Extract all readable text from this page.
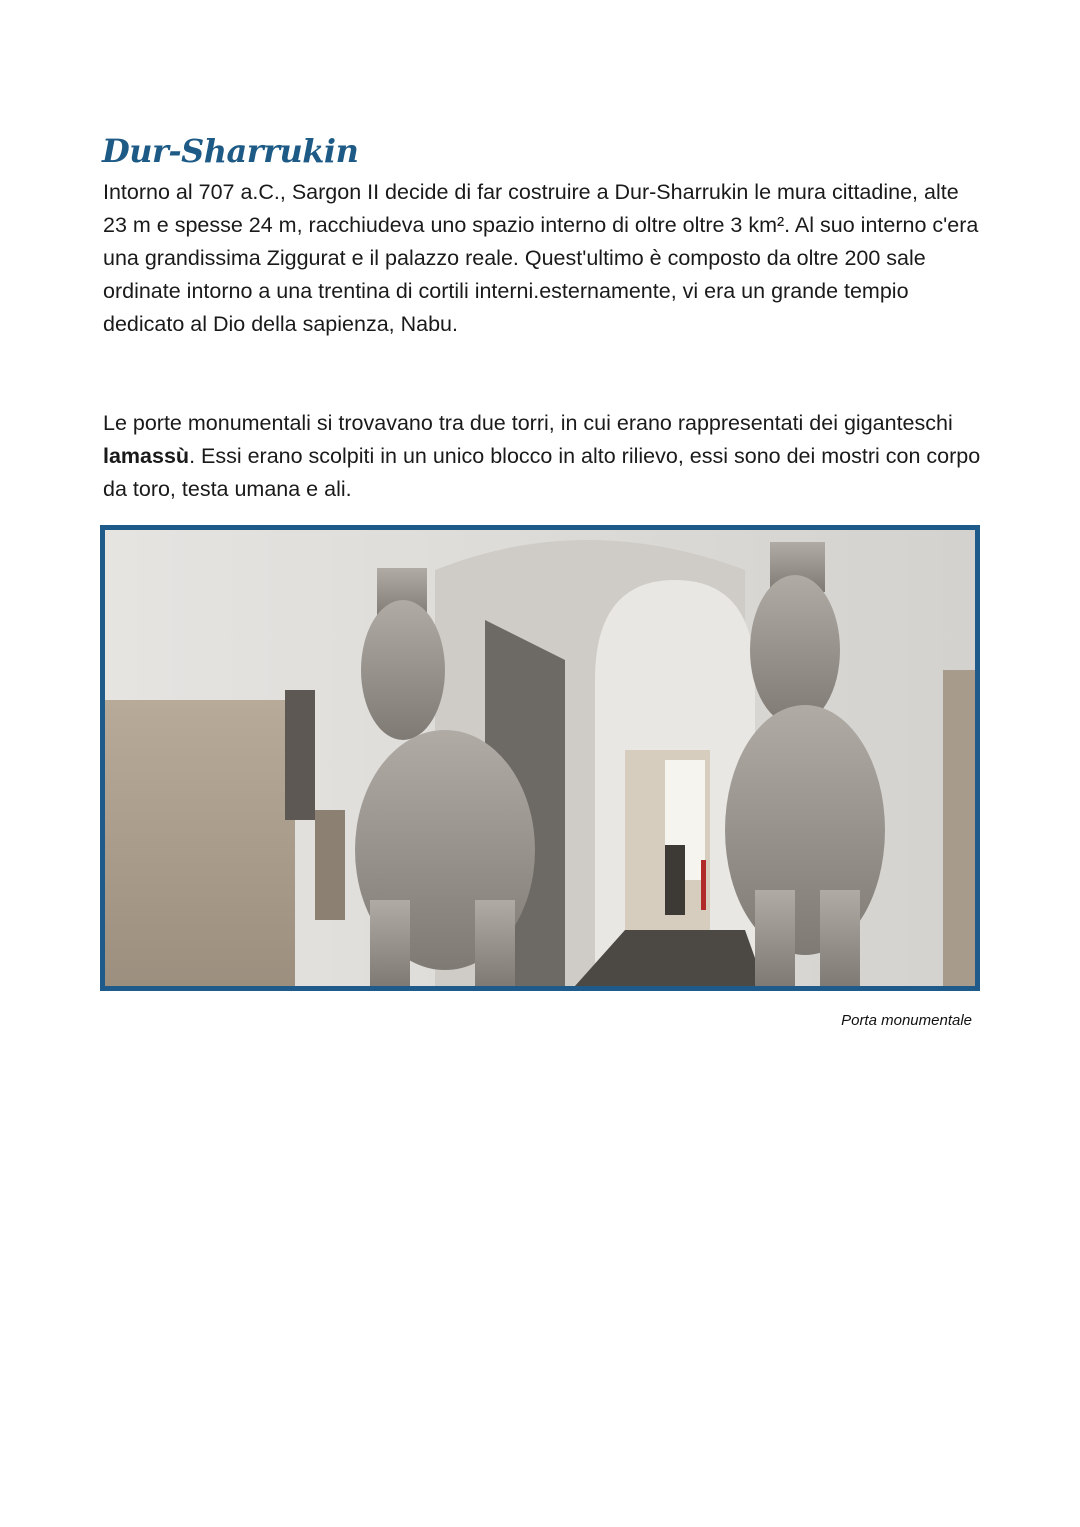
Dur-Sharrukin

Intorno al 707 a.C., Sargon II decide di far costruire a Dur-Sharrukin le mura cittadine, alte 23 m e spesse 24 m, racchiudeva uno spazio interno di oltre oltre 3 km². Al suo interno c'era una grandissima Ziggurat e il palazzo reale. Quest'ultimo è composto da oltre 200 sale ordinate intorno a una trentina di cortili interni.esternamente, vi era un grande tempio dedicato al Dio della sapienza, Nabu.

Le porte monumentali si trovavano tra due torri, in cui erano rappresentati dei giganteschi lamassù. Essi erano scolpiti in un unico blocco in alto rilievo, essi sono dei mostri con corpo da toro, testa umana e ali.

Porta monumentale
